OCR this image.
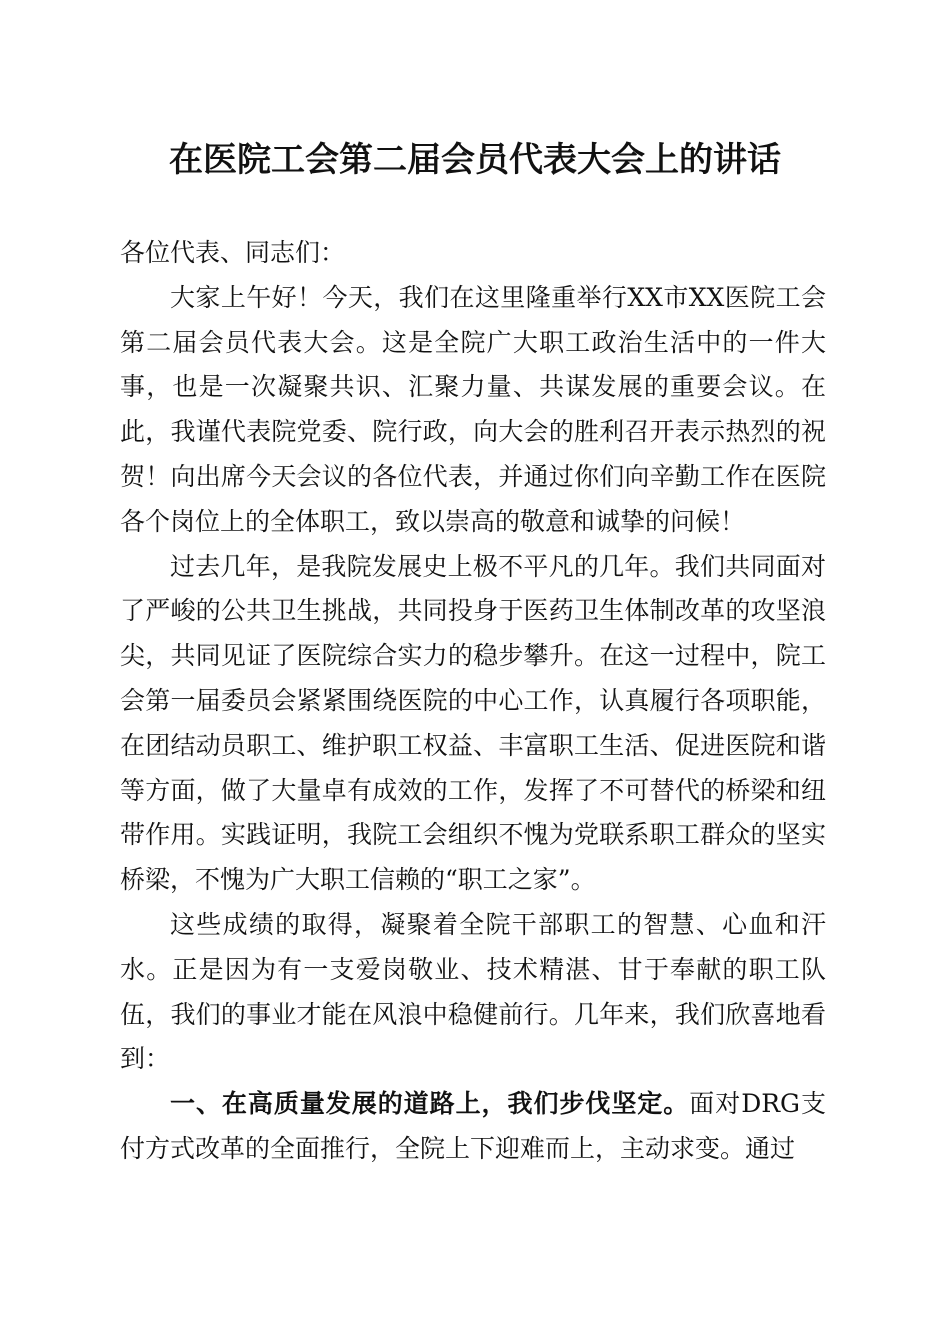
在医院工会第二届会员代表大会上的讲话

各位代表、同志们：

大家上午好！今天，我们在这里隆重举行XX市XX医院工会第二届会员代表大会。这是全院广大职工政治生活中的一件大事，也是一次凝聚共识、汇聚力量、共谋发展的重要会议。在此，我谨代表院党委、院行政，向大会的胜利召开表示热烈的祝贺！向出席今天会议的各位代表，并通过你们向辛勤工作在医院各个岗位上的全体职工，致以崇高的敬意和诚挚的问候！

过去几年，是我院发展史上极不平凡的几年。我们共同面对了严峻的公共卫生挑战，共同投身于医药卫生体制改革的攻坚浪尖，共同见证了医院综合实力的稳步攀升。在这一过程中，院工会第一届委员会紧紧围绕医院的中心工作，认真履行各项职能，在团结动员职工、维护职工权益、丰富职工生活、促进医院和谐等方面，做了大量卓有成效的工作，发挥了不可替代的桥梁和纽带作用。实践证明，我院工会组织不愧为党联系职工群众的坚实桥梁，不愧为广大职工信赖的“职工之家”。

这些成绩的取得，凝聚着全院干部职工的智慧、心血和汗水。正是因为有一支爱岗敬业、技术精湛、甘于奉献的职工队伍，我们的事业才能在风浪中稳健前行。几年来，我们欣喜地看到：

一、在高质量发展的道路上，我们步伐坚定。面对DRG支付方式改革的全面推行，全院上下迎难而上，主动求变。通过
